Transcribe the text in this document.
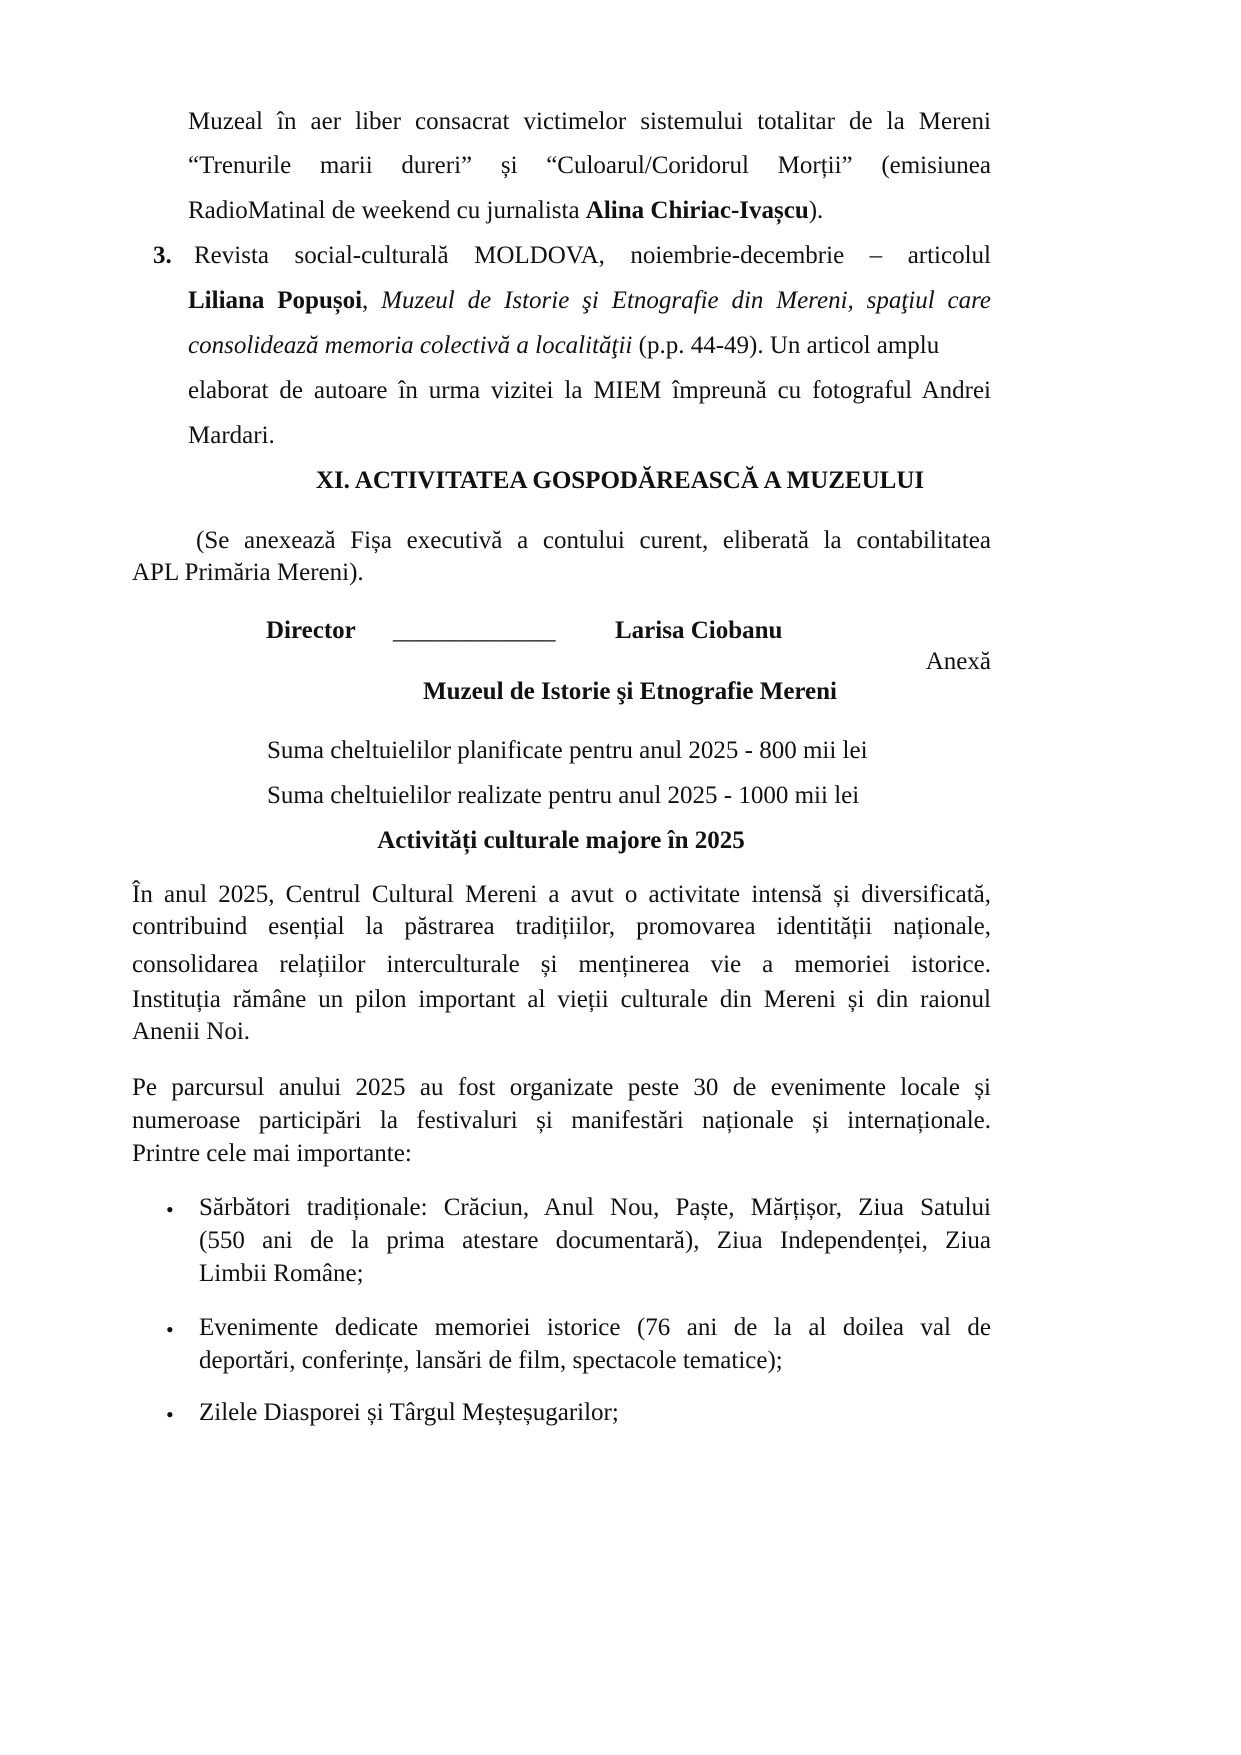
Muzeal în aer liber consacrat victimelor sistemului totalitar de la Mereni
“Trenurile marii dureri” și “Culoarul/Coridorul Morții” (emisiunea
RadioMatinal de weekend cu jurnalista Alina Chiriac-Ivașcu).
3. Revista social-culturală MOLDOVA, noiembrie-decembrie – articolul
Liliana Popușoi, Muzeul de Istorie şi Etnografie din Mereni, spaţiul care
consolidează memoria colectivă a localităţii (p.p. 44-49). Un articol amplu
elaborat de autoare în urma vizitei la MIEM împreună cu fotograful Andrei
Mardari.
XI. ACTIVITATEA GOSPODĂREASCĂ A MUZEULUI
(Se anexează Fișa executivă a contului curent, eliberată la contabilitatea
APL Primăria Mereni).
Director _____________ Larisa Ciobanu
Anexă
Muzeul de Istorie şi Etnografie Mereni
Suma cheltuielilor planificate pentru anul 2025 - 800 mii lei
Suma cheltuielilor realizate pentru anul 2025 - 1000 mii lei
Activități culturale majore în 2025
În anul 2025, Centrul Cultural Mereni a avut o activitate intensă și diversificată,
contribuind esențial la păstrarea tradițiilor, promovarea identității naționale,
consolidarea relațiilor interculturale și menținerea vie a memoriei istorice.
Instituția rămâne un pilon important al vieții culturale din Mereni și din raionul
Anenii Noi.
Pe parcursul anului 2025 au fost organizate peste 30 de evenimente locale și
numeroase participări la festivaluri și manifestări naționale și internaționale.
Printre cele mai importante:
• Sărbători tradiționale: Crăciun, Anul Nou, Paște, Mărțișor, Ziua Satului
(550 ani de la prima atestare documentară), Ziua Independenței, Ziua
Limbii Române;
• Evenimente dedicate memoriei istorice (76 ani de la al doilea val de
deportări, conferințe, lansări de film, spectacole tematice);
• Zilele Diasporei și Târgul Meșteșugarilor;
